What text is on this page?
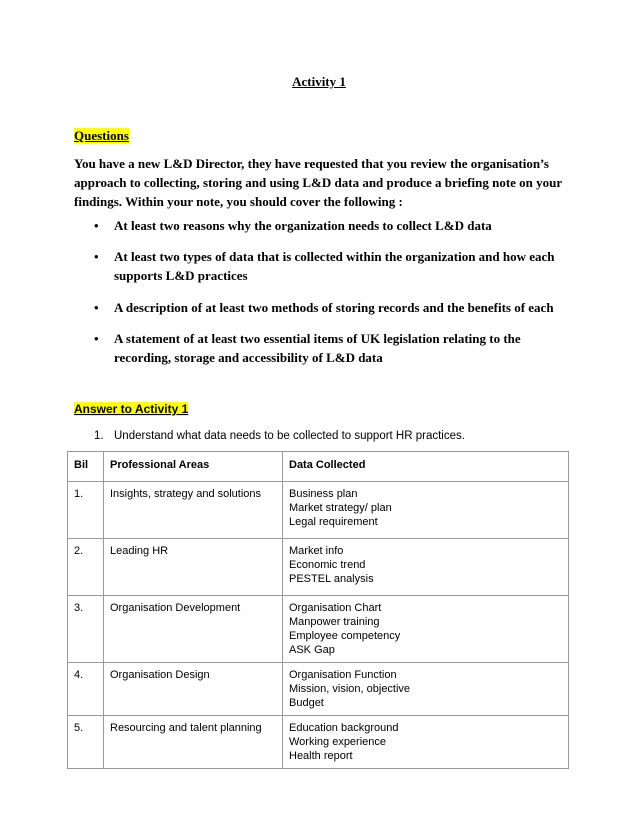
Activity 1
Questions
You have a new L&D Director, they have requested that you review the organisation’s approach to collecting, storing and using L&D data and produce a briefing note on your findings. Within your note, you should cover the following :
• At least two reasons why the organization needs to collect L&D data
• At least two types of data that is collected within the organization and how each supports L&D practices
• A description of at least two methods of storing records and the benefits of each
• A statement of at least two essential items of UK legislation relating to the recording, storage and accessibility of L&D data
Answer to Activity 1
1. Understand what data needs to be collected to support HR practices.
Bil	Professional Areas	Data Collected
1.	Insights, strategy and solutions	Business plan
Market strategy/ plan
Legal requirement

2.	Leading HR	Market info
Economic trend
PESTEL analysis

3.	Organisation Development	Organisation Chart
Manpower training
Employee competency
ASK Gap

4.	Organisation Design	Organisation Function
Mission, vision, objective
Budget

5.	Resourcing and talent planning	Education background
Working experience
Health report
